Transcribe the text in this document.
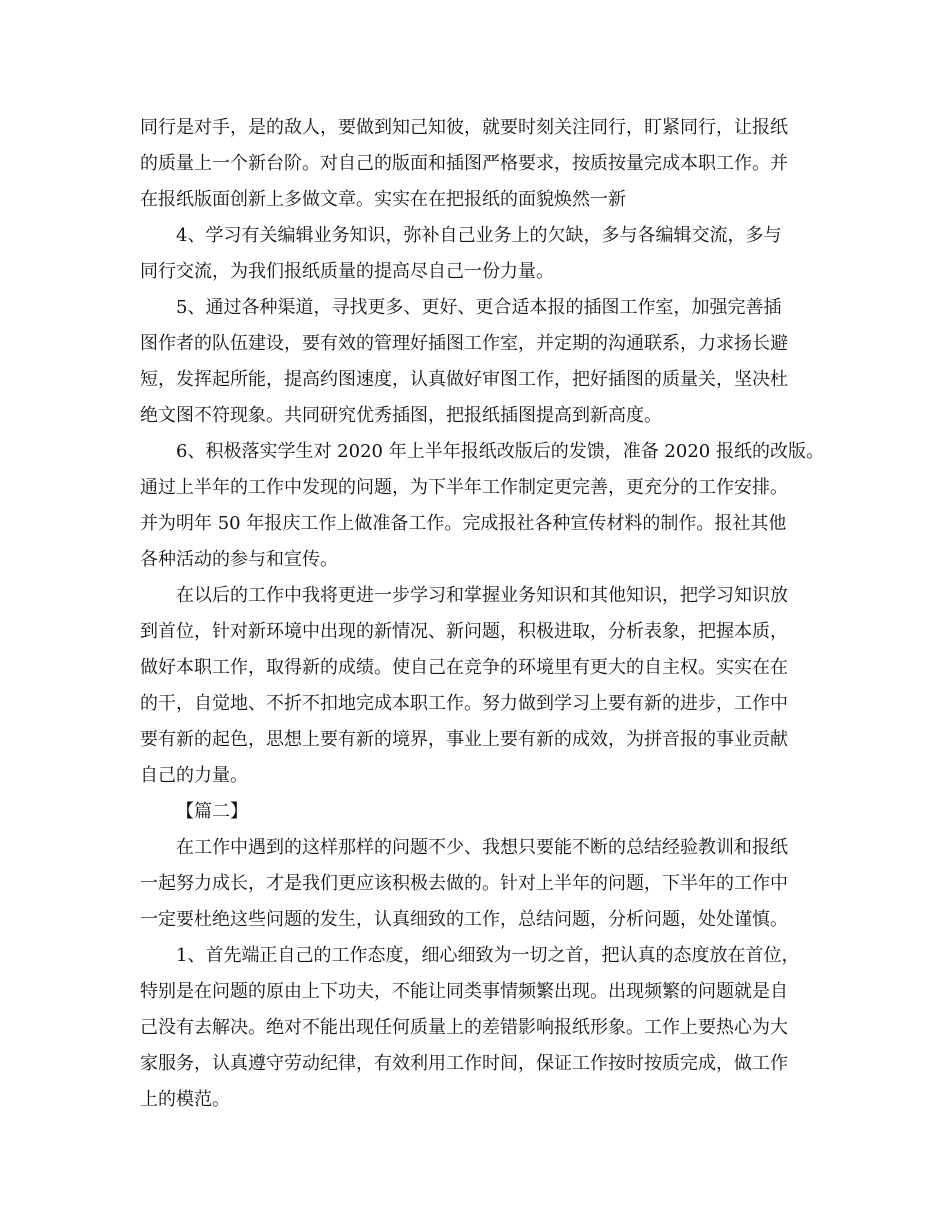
同行是对手，是的敌人，要做到知己知彼，就要时刻关注同行，盯紧同行，让报纸
的质量上一个新台阶。对自己的版面和插图严格要求，按质按量完成本职工作。并
在报纸版面创新上多做文章。实实在在把报纸的面貌焕然一新
4、学习有关编辑业务知识，弥补自己业务上的欠缺，多与各编辑交流，多与
同行交流，为我们报纸质量的提高尽自己一份力量。
5、通过各种渠道，寻找更多、更好、更合适本报的插图工作室，加强完善插
图作者的队伍建设，要有效的管理好插图工作室，并定期的沟通联系，力求扬长避
短，发挥起所能，提高约图速度，认真做好审图工作，把好插图的质量关，坚决杜
绝文图不符现象。共同研究优秀插图，把报纸插图提高到新高度。
6、积极落实学生对 2020 年上半年报纸改版后的发馈，准备 2020 报纸的改版。
通过上半年的工作中发现的问题，为下半年工作制定更完善，更充分的工作安排。
并为明年 50 年报庆工作上做准备工作。完成报社各种宣传材料的制作。报社其他
各种活动的参与和宣传。
在以后的工作中我将更进一步学习和掌握业务知识和其他知识，把学习知识放
到首位，针对新环境中出现的新情况、新问题，积极进取，分析表象，把握本质，
做好本职工作，取得新的成绩。使自己在竞争的环境里有更大的自主权。实实在在
的干，自觉地、不折不扣地完成本职工作。努力做到学习上要有新的进步，工作中
要有新的起色，思想上要有新的境界，事业上要有新的成效，为拼音报的事业贡献
自己的力量。
【篇二】
在工作中遇到的这样那样的问题不少、我想只要能不断的总结经验教训和报纸
一起努力成长，才是我们更应该积极去做的。针对上半年的问题，下半年的工作中
一定要杜绝这些问题的发生，认真细致的工作，总结问题，分析问题，处处谨慎。
1、首先端正自己的工作态度，细心细致为一切之首，把认真的态度放在首位，
特别是在问题的原由上下功夫，不能让同类事情频繁出现。出现频繁的问题就是自
己没有去解决。绝对不能出现任何质量上的差错影响报纸形象。工作上要热心为大
家服务，认真遵守劳动纪律，有效利用工作时间，保证工作按时按质完成，做工作
上的模范。
